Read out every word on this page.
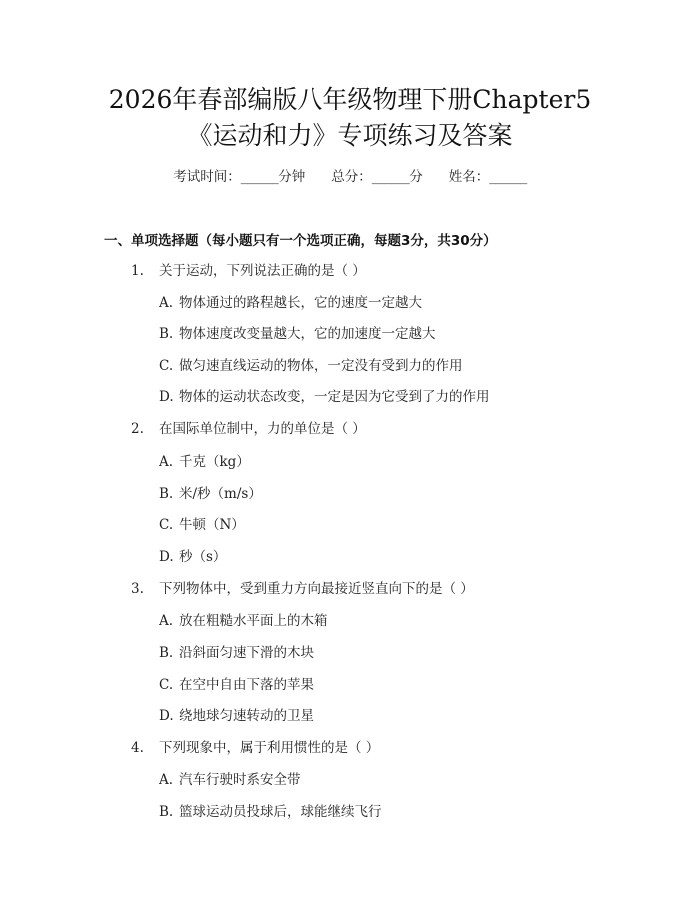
2026年春部编版八年级物理下册Chapter5
《运动和力》专项练习及答案
考试时间：______分钟 总分：______分 姓名：______
一、单项选择题（每小题只有一个选项正确，每题3分，共30分）
1. 关于运动，下列说法正确的是（ ）
A. 物体通过的路程越长，它的速度一定越大
B. 物体速度改变量越大，它的加速度一定越大
C. 做匀速直线运动的物体，一定没有受到力的作用
D. 物体的运动状态改变，一定是因为它受到了力的作用
2. 在国际单位制中，力的单位是（ ）
A. 千克（kg）
B. 米/秒（m/s）
C. 牛顿（N）
D. 秒（s）
3. 下列物体中，受到重力方向最接近竖直向下的是（ ）
A. 放在粗糙水平面上的木箱
B. 沿斜面匀速下滑的木块
C. 在空中自由下落的苹果
D. 绕地球匀速转动的卫星
4. 下列现象中，属于利用惯性的是（ ）
A. 汽车行驶时系安全带
B. 篮球运动员投球后，球能继续飞行
